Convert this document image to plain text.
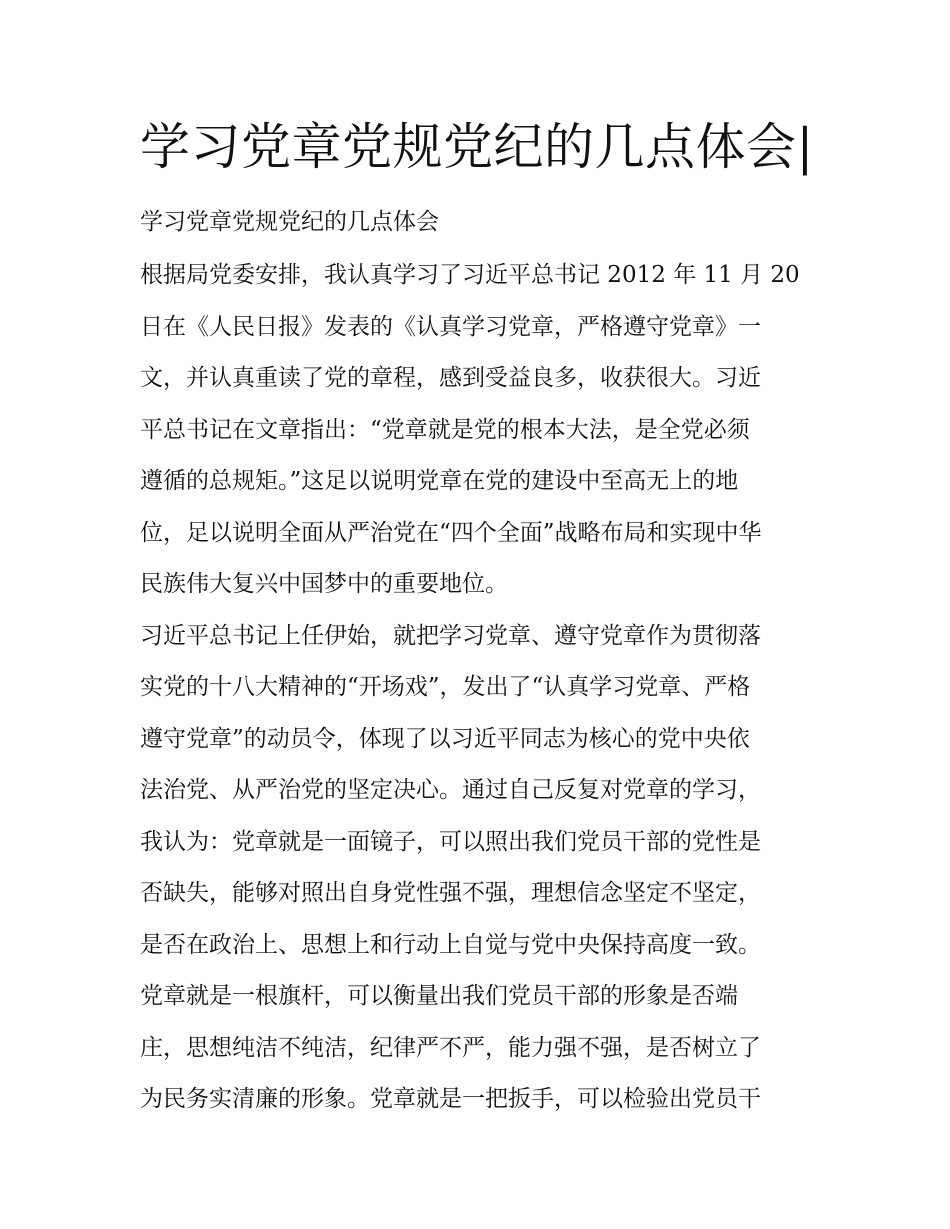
学习党章党规党纪的几点体会|

学习党章党规党纪的几点体会

根据局党委安排，我认真学习了习近平总书记 2012 年 11 月 20
日在《人民日报》发表的《认真学习党章，严格遵守党章》一
文，并认真重读了党的章程，感到受益良多，收获很大。习近
平总书记在文章指出：“党章就是党的根本大法，是全党必须
遵循的总规矩。”这足以说明党章在党的建设中至高无上的地
位，足以说明全面从严治党在“四个全面”战略布局和实现中华
民族伟大复兴中国梦中的重要地位。
习近平总书记上任伊始，就把学习党章、遵守党章作为贯彻落
实党的十八大精神的“开场戏”，发出了“认真学习党章、严格
遵守党章”的动员令，体现了以习近平同志为核心的党中央依
法治党、从严治党的坚定决心。通过自己反复对党章的学习，
我认为：党章就是一面镜子，可以照出我们党员干部的党性是
否缺失，能够对照出自身党性强不强，理想信念坚定不坚定，
是否在政治上、思想上和行动上自觉与党中央保持高度一致。
党章就是一根旗杆，可以衡量出我们党员干部的形象是否端
庄，思想纯洁不纯洁，纪律严不严，能力强不强，是否树立了
为民务实清廉的形象。党章就是一把扳手，可以检验出党员干
